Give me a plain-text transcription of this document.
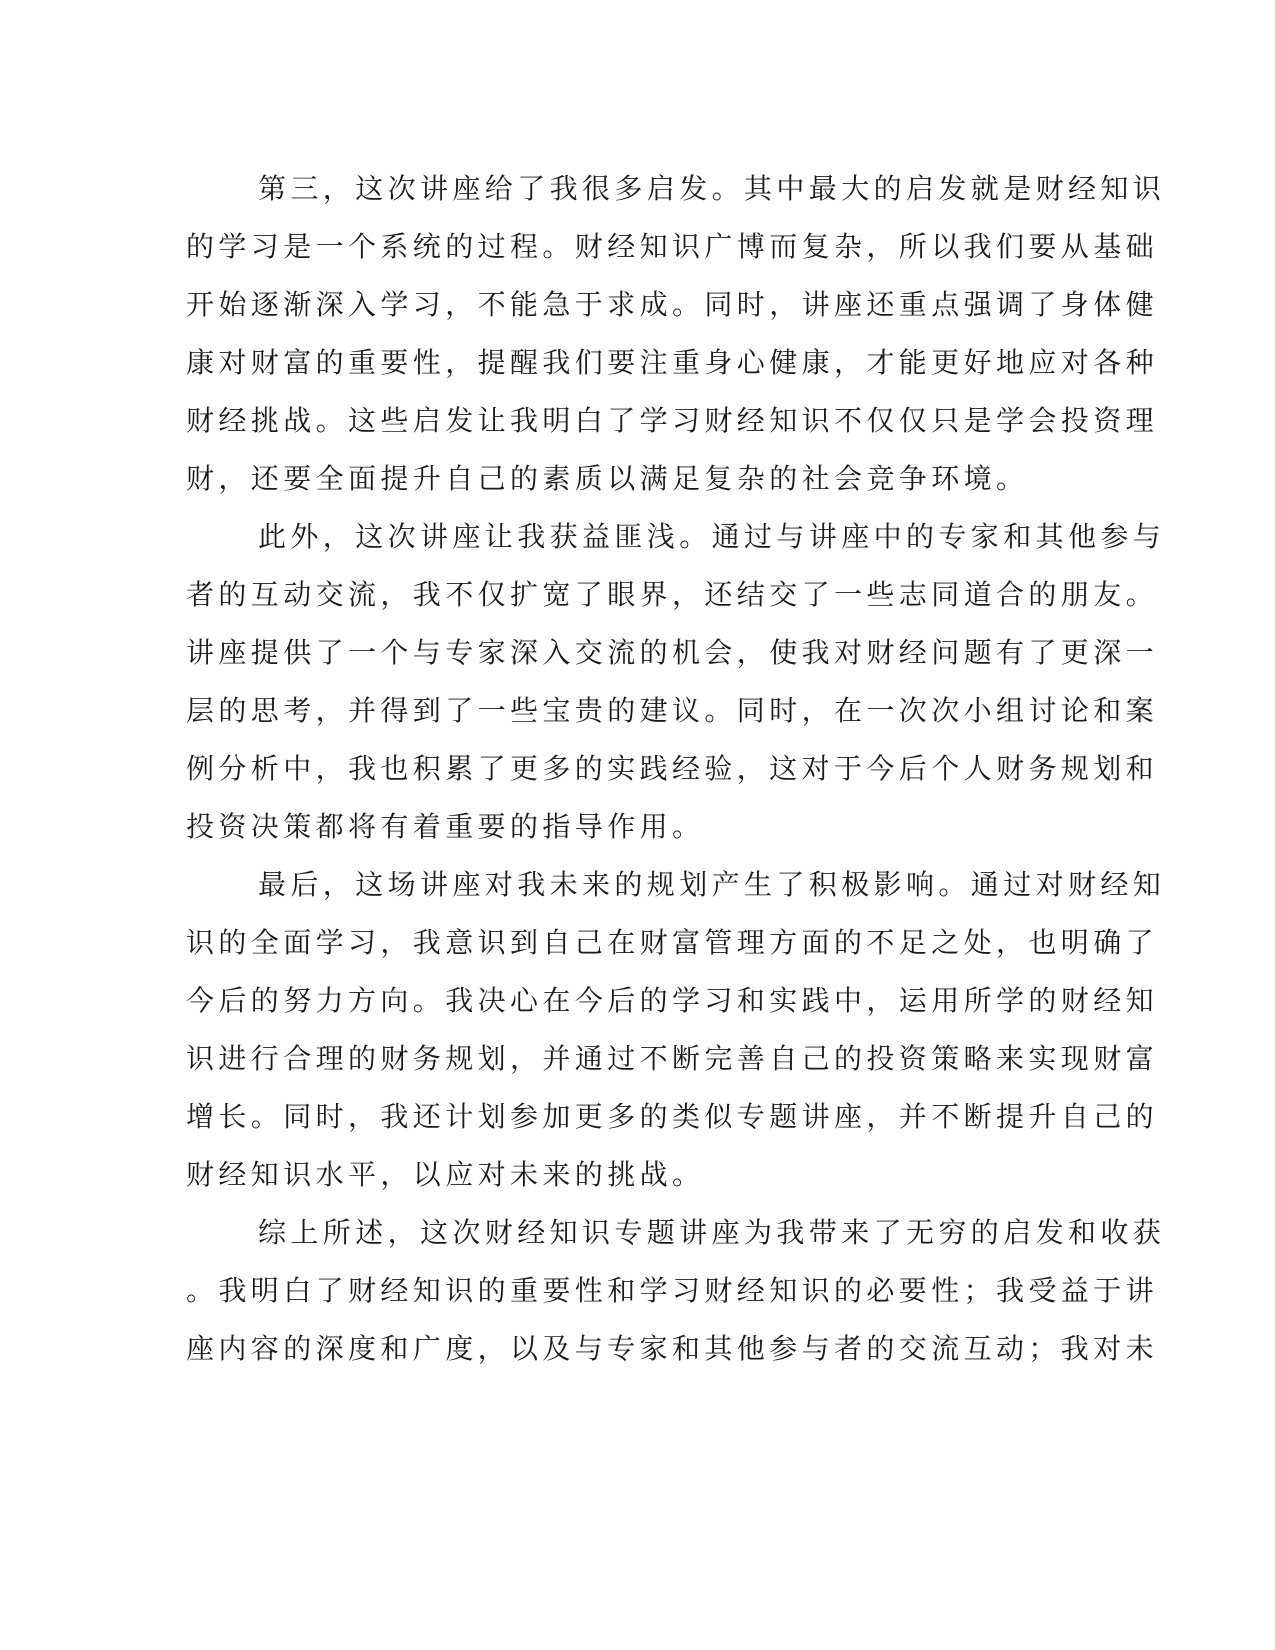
第三，这次讲座给了我很多启发。其中最大的启发就是财经知识
的学习是一个系统的过程。财经知识广博而复杂，所以我们要从基础
开始逐渐深入学习，不能急于求成。同时，讲座还重点强调了身体健
康对财富的重要性，提醒我们要注重身心健康，才能更好地应对各种
财经挑战。这些启发让我明白了学习财经知识不仅仅只是学会投资理
财，还要全面提升自己的素质以满足复杂的社会竞争环境。
此外，这次讲座让我获益匪浅。通过与讲座中的专家和其他参与
者的互动交流，我不仅扩宽了眼界，还结交了一些志同道合的朋友。
讲座提供了一个与专家深入交流的机会，使我对财经问题有了更深一
层的思考，并得到了一些宝贵的建议。同时，在一次次小组讨论和案
例分析中，我也积累了更多的实践经验，这对于今后个人财务规划和
投资决策都将有着重要的指导作用。
最后，这场讲座对我未来的规划产生了积极影响。通过对财经知
识的全面学习，我意识到自己在财富管理方面的不足之处，也明确了
今后的努力方向。我决心在今后的学习和实践中，运用所学的财经知
识进行合理的财务规划，并通过不断完善自己的投资策略来实现财富
增长。同时，我还计划参加更多的类似专题讲座，并不断提升自己的
财经知识水平，以应对未来的挑战。
综上所述，这次财经知识专题讲座为我带来了无穷的启发和收获
。我明白了财经知识的重要性和学习财经知识的必要性；我受益于讲
座内容的深度和广度，以及与专家和其他参与者的交流互动；我对未
